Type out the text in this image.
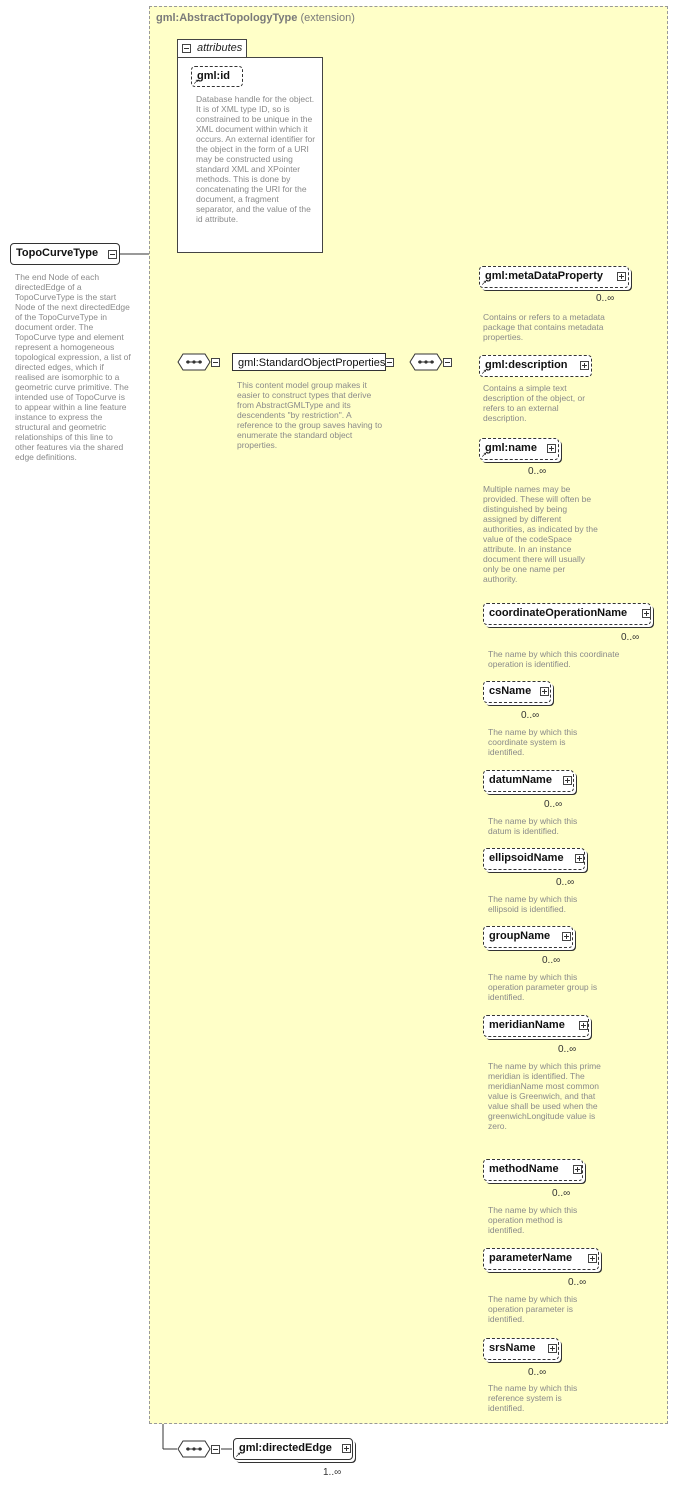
gml:AbstractTopologyType (extension)
attributes
↗ gml:id
Database handle for the object. It is of XML type ID, so is constrained to be unique in the XML document within which it occurs. An external identifier for the object in the form of a URI may be constructed using standard XML and XPointer methods. This is done by concatenating the URI for the document, a fragment separator, and the value of the id attribute.
TopoCurveType
The end Node of each directedEdge of a TopoCurveType is the start Node of the next directedEdge of the TopoCurveType in document order. The TopoCurve type and element represent a homogeneous topological expression, a list of directed edges, which if realised are isomorphic to a geometric curve primitive. The intended use of TopoCurve is to appear within a line feature instance to express the structural and geometric relationships of this line to other features via the shared edge definitions.
gml:StandardObjectProperties
This content model group makes it easier to construct types that derive from AbstractGMLType and its descendents "by restriction". A reference to the group saves having to enumerate the standard object properties.
↗ gml:metaDataProperty
0..∞
Contains or refers to a metadata package that contains metadata properties.
↗ gml:description
Contains a simple text description of the object, or refers to an external description.
↗ gml:name
0..∞
Multiple names may be provided. These will often be distinguished by being assigned by different authorities, as indicated by the value of the codeSpace attribute. In an instance document there will usually only be one name per authority.
coordinateOperationName
0..∞
The name by which this coordinate operation is identified.
csName
0..∞
The name by which this coordinate system is identified.
datumName
0..∞
The name by which this datum is identified.
ellipsoidName
0..∞
The name by which this ellipsoid is identified.
groupName
0..∞
The name by which this operation parameter group is identified.
meridianName
0..∞
The name by which this prime meridian is identified. The meridianName most common value is Greenwich, and that value shall be used when the greenwichLongitude value is zero.
methodName
0..∞
The name by which this operation method is identified.
parameterName
0..∞
The name by which this operation parameter is identified.
srsName
0..∞
The name by which this reference system is identified.
↗ gml:directedEdge
1..∞
